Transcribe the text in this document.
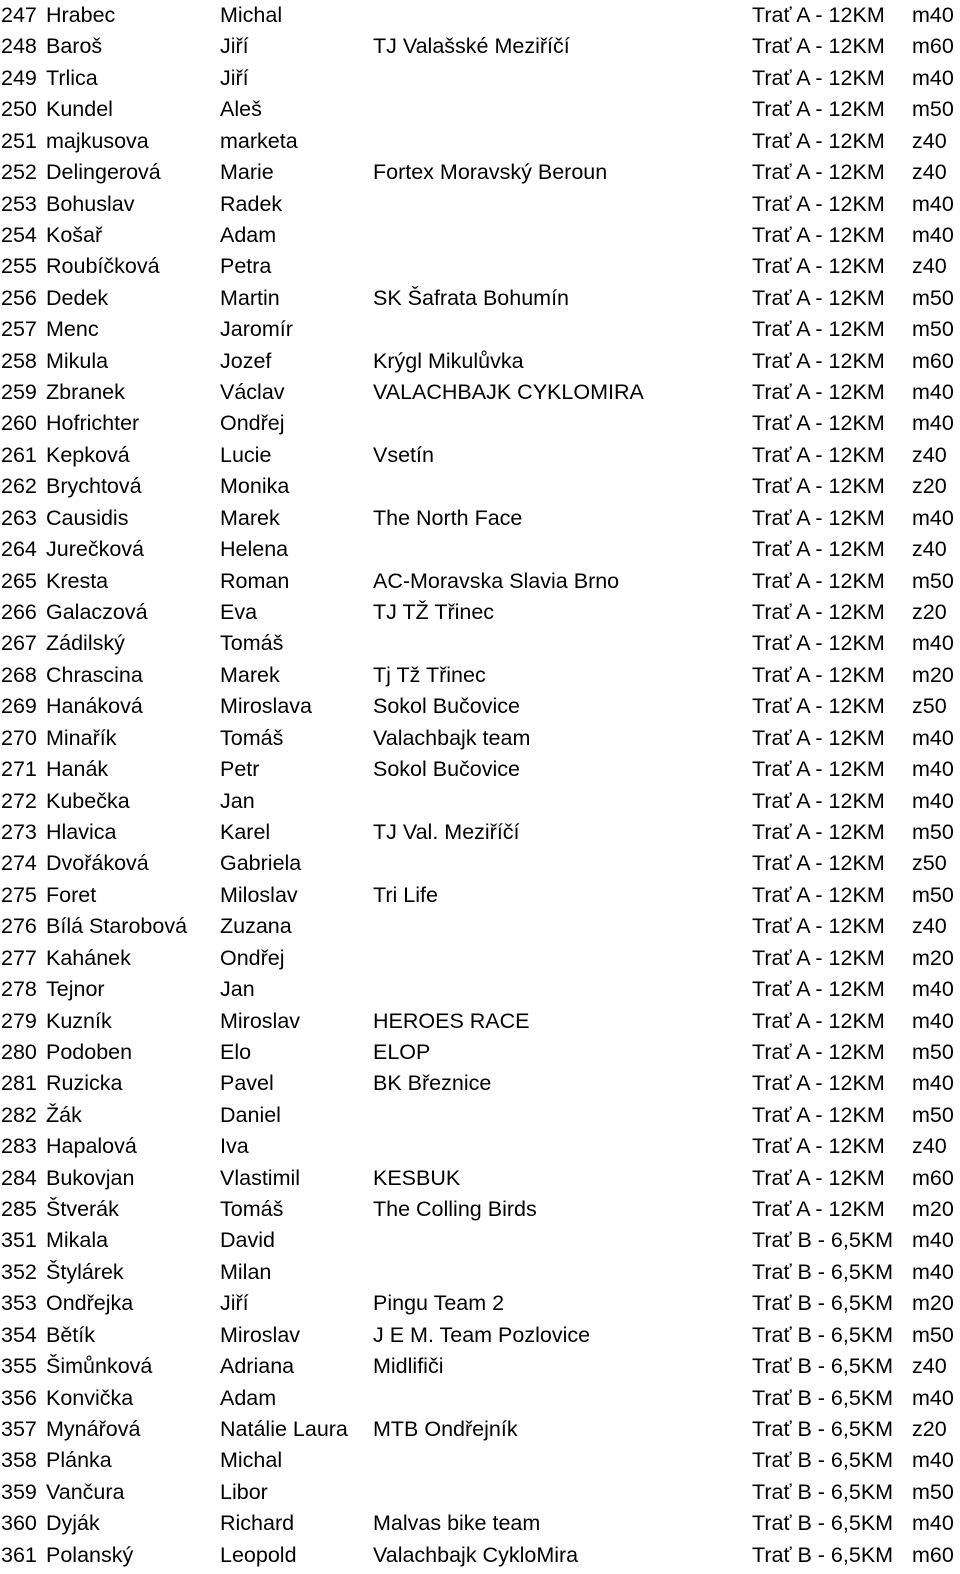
247 Hrabec	Michal	Trať A - 12KM	m40
248 Baroš	Jiří	TJ Valašské Meziříčí	Trať A - 12KM	m60
249 Trlica	Jiří	Trať A - 12KM	m40
250 Kundel	Aleš	Trať A - 12KM	m50
251 majkusova	marketa	Trať A - 12KM	z40
252 Delingerová	Marie	Fortex Moravský Beroun	Trať A - 12KM	z40
253 Bohuslav	Radek	Trať A - 12KM	m40
254 Košař	Adam	Trať A - 12KM	m40
255 Roubíčková	Petra	Trať A - 12KM	z40
256 Dedek	Martin	SK Šafrata Bohumín	Trať A - 12KM	m50
257 Menc	Jaromír	Trať A - 12KM	m50
258 Mikula	Jozef	Krýgl Mikulůvka	Trať A - 12KM	m60
259 Zbranek	Václav	VALACHBAJK CYKLOMIRA	Trať A - 12KM	m40
260 Hofrichter	Ondřej	Trať A - 12KM	m40
261 Kepková	Lucie	Vsetín	Trať A - 12KM	z40
262 Brychtová	Monika	Trať A - 12KM	z20
263 Causidis	Marek	The North Face	Trať A - 12KM	m40
264 Jurečková	Helena	Trať A - 12KM	z40
265 Kresta	Roman	AC-Moravska Slavia Brno	Trať A - 12KM	m50
266 Galaczová	Eva	TJ TŽ Třinec	Trať A - 12KM	z20
267 Zádilský	Tomáš	Trať A - 12KM	m40
268 Chrascina	Marek	Tj Tž Třinec	Trať A - 12KM	m20
269 Hanáková	Miroslava	Sokol Bučovice	Trať A - 12KM	z50
270 Minařík	Tomáš	Valachbajk team	Trať A - 12KM	m40
271 Hanák	Petr	Sokol Bučovice	Trať A - 12KM	m40
272 Kubečka	Jan	Trať A - 12KM	m40
273 Hlavica	Karel	TJ Val. Meziříčí	Trať A - 12KM	m50
274 Dvořáková	Gabriela	Trať A - 12KM	z50
275 Foret	Miloslav	Tri Life	Trať A - 12KM	m50
276 Bílá Starobová	Zuzana	Trať A - 12KM	z40
277 Kahánek	Ondřej	Trať A - 12KM	m20
278 Tejnor	Jan	Trať A - 12KM	m40
279 Kuzník	Miroslav	HEROES RACE	Trať A - 12KM	m40
280 Podoben	Elo	ELOP	Trať A - 12KM	m50
281 Ruzicka	Pavel	BK Březnice	Trať A - 12KM	m40
282 Žák	Daniel	Trať A - 12KM	m50
283 Hapalová	Iva	Trať A - 12KM	z40
284 Bukovjan	Vlastimil	KESBUK	Trať A - 12KM	m60
285 Štverák	Tomáš	The Colling Birds	Trať A - 12KM	m20
351 Mikala	David	Trať B - 6,5KM m40
352 Štylárek	Milan	Trať B - 6,5KM m40
353 Ondřejka	Jiří	Pingu Team 2	Trať B - 6,5KM m20
354 Bětík	Miroslav	J E M. Team Pozlovice	Trať B - 6,5KM m50
355 Šimůnková	Adriana	Midlifiči	Trať B - 6,5KM z40
356 Konvička	Adam	Trať B - 6,5KM m40
357 Mynářová	Natálie Laura	MTB Ondřejník	Trať B - 6,5KM z20
358 Plánka	Michal	Trať B - 6,5KM m40
359 Vančura	Libor	Trať B - 6,5KM m50
360 Dyják	Richard	Malvas bike team	Trať B - 6,5KM m40
361 Polanský	Leopold	Valachbajk CykloMira	Trať B - 6,5KM m60
